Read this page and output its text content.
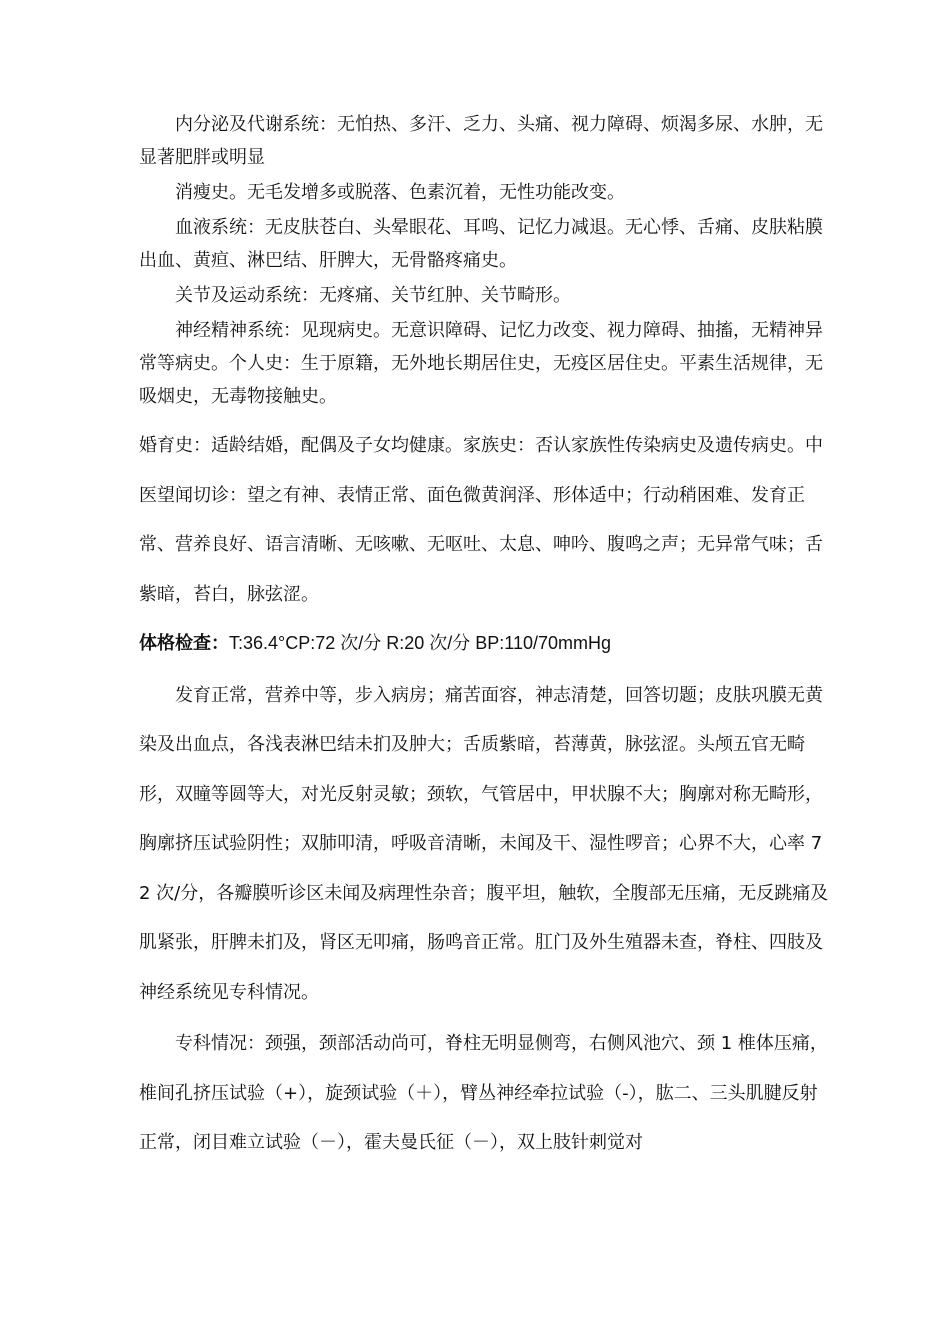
内分泌及代谢系统：无怕热、多汗、乏力、头痛、视力障碍、烦渴多尿、水肿，无显著肥胖或明显

消瘦史。无毛发增多或脱落、色素沉着，无性功能改变。

血液系统：无皮肤苍白、头晕眼花、耳鸣、记忆力减退。无心悸、舌痛、皮肤粘膜出血、黄疸、淋巴结、肝脾大，无骨骼疼痛史。

关节及运动系统：无疼痛、关节红肿、关节畸形。

神经精神系统：见现病史。无意识障碍、记忆力改变、视力障碍、抽搐，无精神异常等病史。个人史：生于原籍，无外地长期居住史，无疫区居住史。平素生活规律，无吸烟史，无毒物接触史。

婚育史：适龄结婚，配偶及子女均健康。家族史：否认家族性传染病史及遗传病史。中医望闻切诊：望之有神、表情正常、面色微黄润泽、形体适中；行动稍困难、发育正常、营养良好、语言清晰、无咳嗽、无呕吐、太息、呻吟、腹鸣之声；无异常气味；舌紫暗，苔白，脉弦涩。

体格检查：T:36.4°CP:72 次/分 R:20 次/分 BP:110/70mmHg

发育正常，营养中等，步入病房；痛苦面容，神志清楚，回答切题；皮肤巩膜无黄染及出血点，各浅表淋巴结未扪及肿大；舌质紫暗，苔薄黄，脉弦涩。头颅五官无畸形，双瞳等圆等大，对光反射灵敏；颈软，气管居中，甲状腺不大；胸廓对称无畸形，胸廓挤压试验阴性；双肺叩清，呼吸音清晰，未闻及干、湿性啰音；心界不大，心率 72 次/分，各瓣膜听诊区未闻及病理性杂音；腹平坦，触软，全腹部无压痛，无反跳痛及肌紧张，肝脾未扪及，肾区无叩痛，肠鸣音正常。肛门及外生殖器未查，脊柱、四肢及神经系统见专科情况。

专科情况：颈强，颈部活动尚可，脊柱无明显侧弯，右侧风池穴、颈 1 椎体压痛，椎间孔挤压试验（+），旋颈试验（＋），臂丛神经牵拉试验（-），肱二、三头肌腱反射正常，闭目难立试验（－），霍夫曼氏征（－），双上肢针刺觉对
